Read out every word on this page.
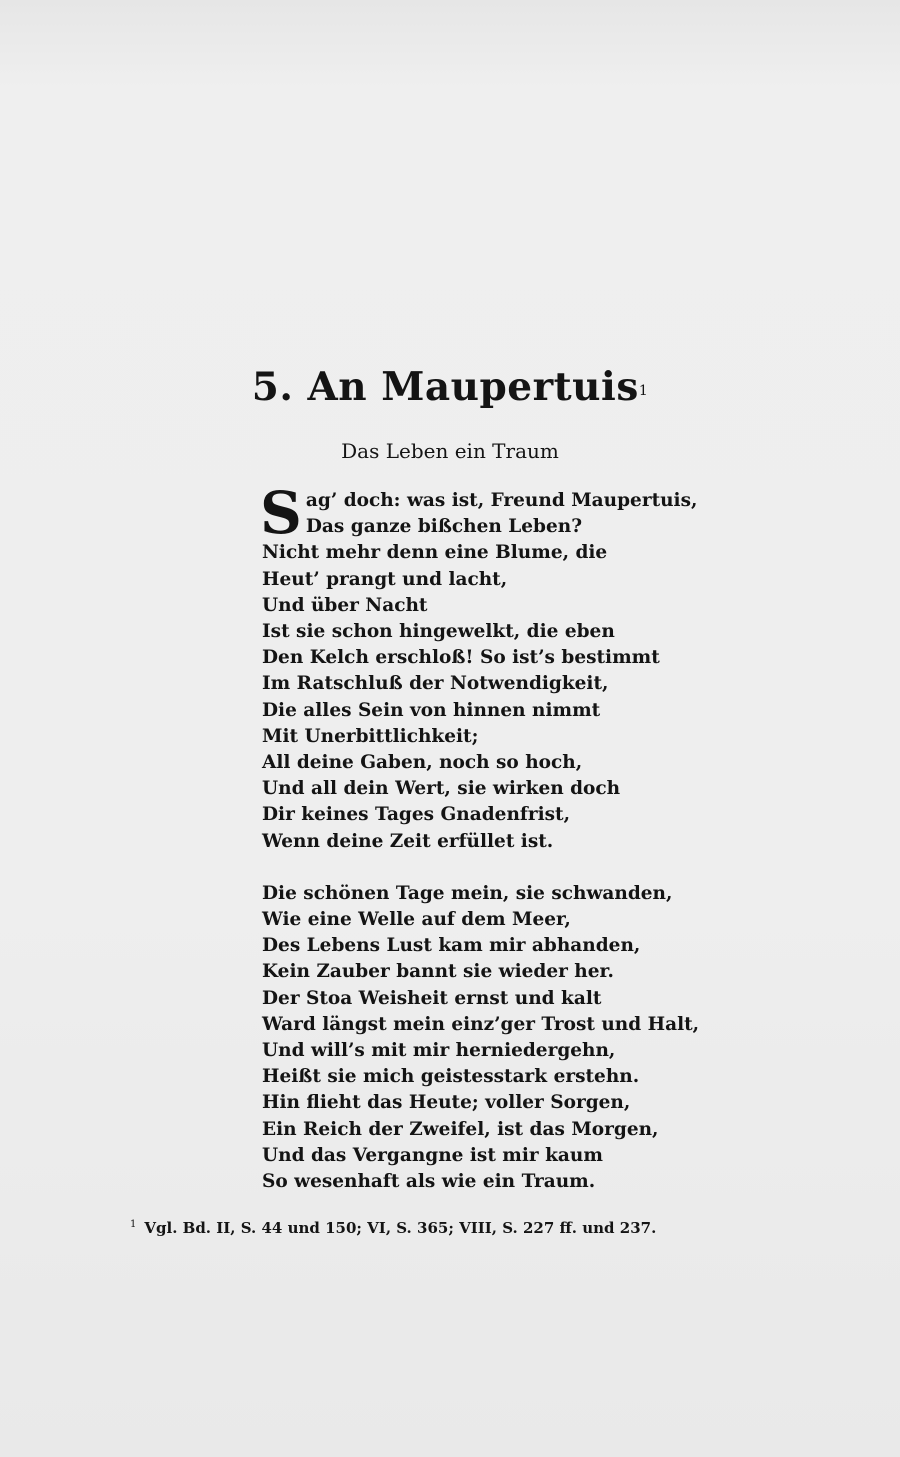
5. An Maupertuis$^1$
Das Leben ein Traum
S ag’ doch: was ist, Freund Maupertuis,
Das ganze bißchen Leben?
Nicht mehr denn eine Blume, die
Heut’ prangt und lacht,
Und über Nacht
Ist sie schon hingewelkt, die eben
Den Kelch erschloß! So ist’s bestimmt
Im Ratschluß der Notwendigkeit,
Die alles Sein von hinnen nimmt
Mit Unerbittlichkeit;
All deine Gaben, noch so hoch,
Und all dein Wert, sie wirken doch
Dir keines Tages Gnadenfrist,
Wenn deine Zeit erfüllet ist.
Die schönen Tage mein, sie schwanden,
Wie eine Welle auf dem Meer,
Des Lebens Lust kam mir abhanden,
Kein Zauber bannt sie wieder her.
Der Stoa Weisheit ernst und kalt
Ward längst mein einz’ger Trost und Halt,
Und will’s mit mir herniedergehn,
Heißt sie mich geistesstark erstehn.
Hin flieht das Heute; voller Sorgen,
Ein Reich der Zweifel, ist das Morgen,
Und das Vergangne ist mir kaum
So wesenhaft als wie ein Traum.
$^1$ Vgl. Bd. II, S. 44 und 150; VI, S. 365; VIII, S. 227 ff. und 237.
